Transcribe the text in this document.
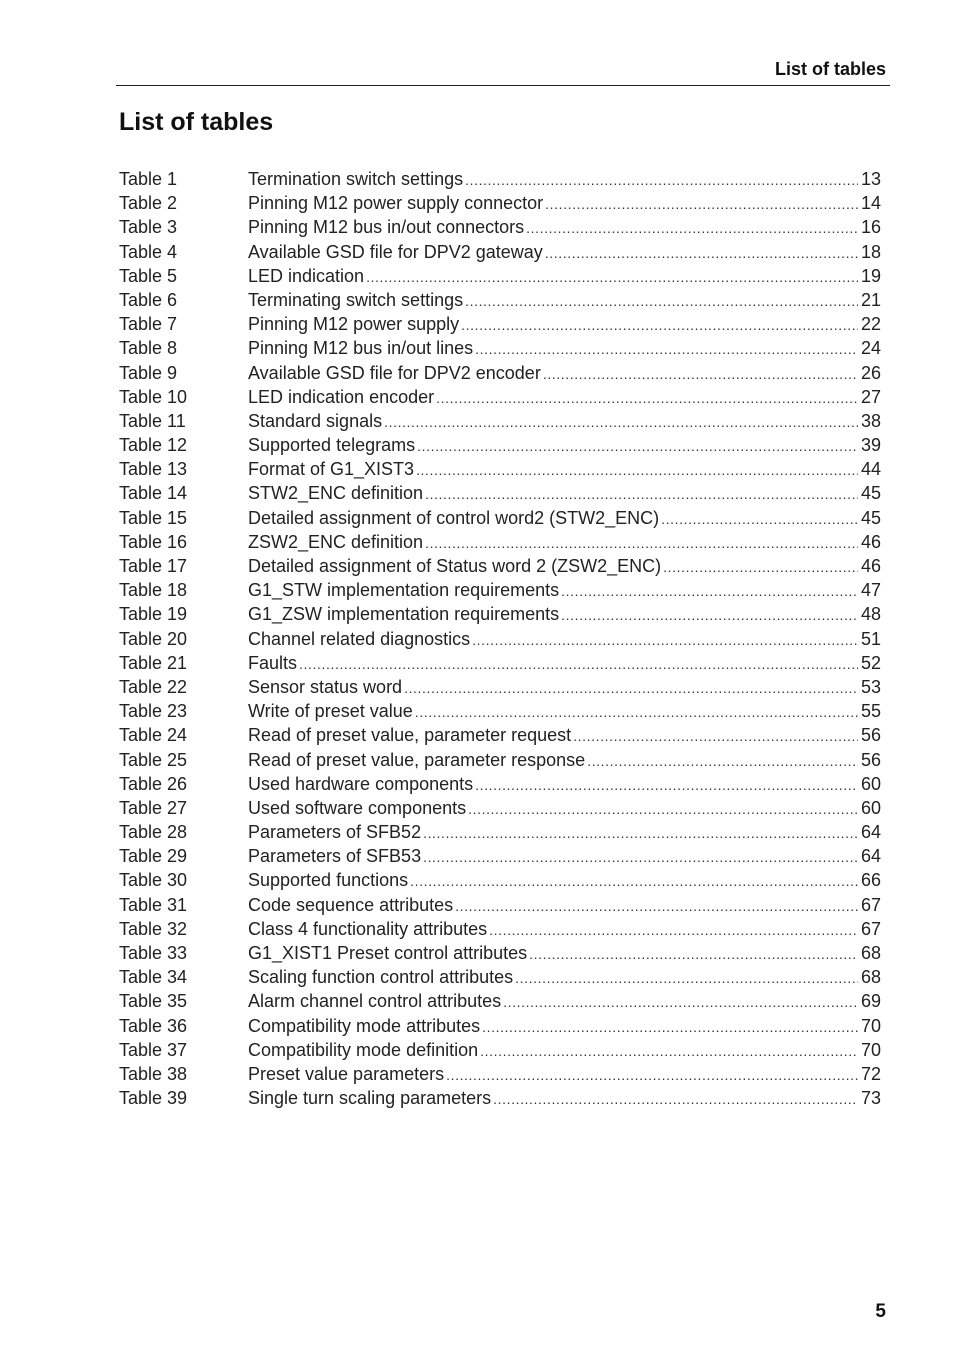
List of tables
List of tables
Table 1	Termination switch settings .....	13
Table 2	Pinning M12 power supply connector .....	14
Table 3	Pinning M12 bus in/out connectors .....	16
Table 4	Available GSD file for DPV2 gateway .....	18
Table 5	LED indication .....	19
Table 6	Terminating switch settings .....	21
Table 7	Pinning M12 power supply .....	22
Table 8	Pinning M12 bus in/out lines .....	24
Table 9	Available GSD file for DPV2 encoder .....	26
Table 10	LED indication encoder .....	27
Table 11	Standard signals .....	38
Table 12	Supported telegrams .....	39
Table 13	Format of G1_XIST3 .....	44
Table 14	STW2_ENC definition .....	45
Table 15	Detailed assignment of control word2 (STW2_ENC) .....	45
Table 16	ZSW2_ENC definition .....	46
Table 17	Detailed assignment of Status word 2 (ZSW2_ENC) .....	46
Table 18	G1_STW implementation requirements .....	47
Table 19	G1_ZSW implementation requirements .....	48
Table 20	Channel related diagnostics .....	51
Table 21	Faults .....	52
Table 22	Sensor status word .....	53
Table 23	Write of preset value .....	55
Table 24	Read of preset value, parameter request .....	56
Table 25	Read of preset value, parameter response .....	56
Table 26	Used hardware components .....	60
Table 27	Used software components .....	60
Table 28	Parameters of SFB52 .....	64
Table 29	Parameters of SFB53 .....	64
Table 30	Supported functions .....	66
Table 31	Code sequence attributes .....	67
Table 32	Class 4 functionality attributes .....	67
Table 33	G1_XIST1 Preset control attributes .....	68
Table 34	Scaling function control attributes .....	68
Table 35	Alarm channel control attributes .....	69
Table 36	Compatibility mode attributes .....	70
Table 37	Compatibility mode definition .....	70
Table 38	Preset value parameters .....	72
Table 39	Single turn scaling parameters .....	73
5
